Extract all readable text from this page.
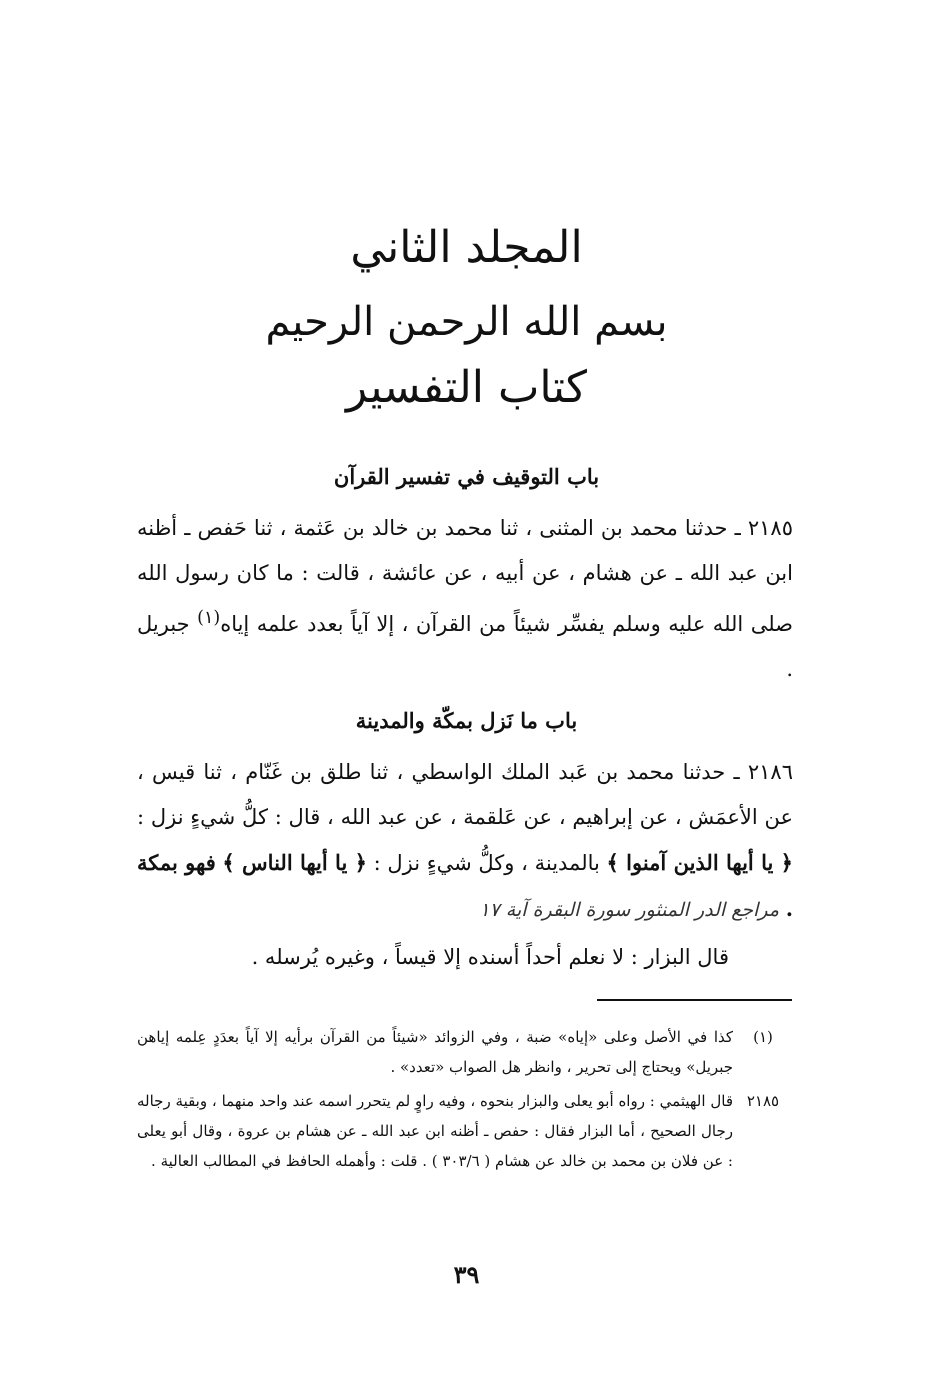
المجلد الثاني
بسم الله الرحمن الرحيم
كتاب التفسير
باب التوقيف في تفسير القرآن
٢١٨٥ ـ حدثنا محمد بن المثنى ، ثنا محمد بن خالد بن عَثمة ، ثنا حَفص ـ أظنه ابن عبد الله ـ عن هشام ، عن أبيه ، عن عائشة ، قالت : ما كان رسول الله صلى الله عليه وسلم يفسِّر شيئاً من القرآن ، إلا آياً بعدد علمه إياه$^{(١)}$ جبريل .
باب ما نَزل بمكّة والمدينة
٢١٨٦ ـ حدثنا محمد بن عَبد الملك الواسطي ، ثنا طلق بن غَنّام ، ثنا قيس ، عن الأعمَش ، عن إبراهيم ، عن عَلقمة ، عن عبد الله ، قال : كلُّ شيءٍ نزل : ﴿ يا أيها الذين آمنوا ﴾ بالمدينة ، وكلُّ شيءٍ نزل : ﴿ يا أيها الناس ﴾ فهو بمكة . مراجع الدر المنثور سورة البقرة آية ١٧
قال البزار : لا نعلم أحداً أسنده إلا قيساً ، وغيره يُرسله .
(١)
كذا في الأصل وعلى «إياه» ضبة ، وفي الزوائد «شيئاً من القرآن برأيه إلا آياً بعدَدٍ عِلمه إياهن جبريل» ويحتاج إلى تحرير ، وانظر هل الصواب «تعدد» .
٢١٨٥
قال الهيثمي : رواه أبو يعلى والبزار بنحوه ، وفيه راوٍ لم يتحرر اسمه عند واحد منهما ، وبقية رجاله رجال الصحيح ، أما البزار فقال : حفص ـ أظنه ابن عبد الله ـ عن هشام بن عروة ، وقال أبو يعلى : عن فلان بن محمد بن خالد عن هشام ( ٣٠٣/٦ ) . قلت : وأهمله الحافظ في المطالب العالية .
٣٩
